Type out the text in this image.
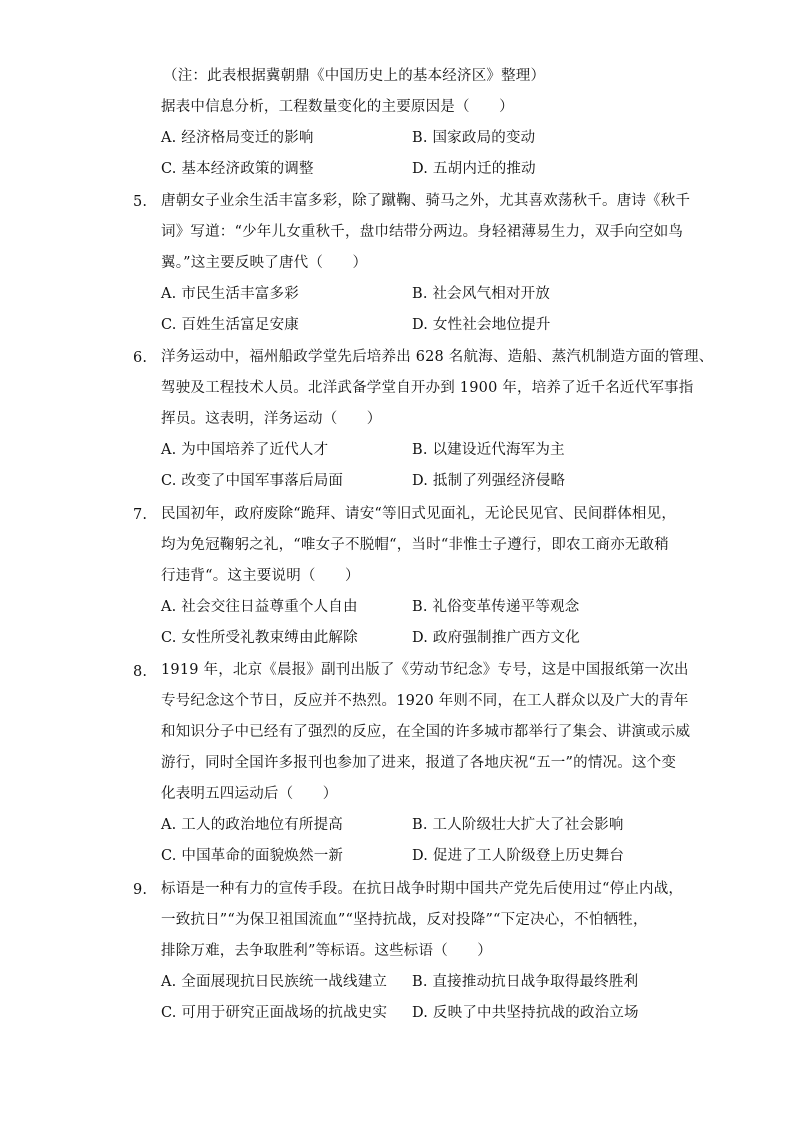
（注：此表根据冀朝鼎《中国历史上的基本经济区》整理）
据表中信息分析，工程数量变化的主要原因是（　　）
A. 经济格局变迁的影响	B. 国家政局的变动
C. 基本经济政策的调整	D. 五胡内迁的推动
5. 唐朝女子业余生活丰富多彩，除了蹴鞠、骑马之外，尤其喜欢荡秋千。唐诗《秋千
词》写道：“少年儿女重秋千，盘巾结带分两边。身轻裙薄易生力，双手向空如鸟
翼。”这主要反映了唐代（　　）
A. 市民生活丰富多彩	B. 社会风气相对开放
C. 百姓生活富足安康	D. 女性社会地位提升
6. 洋务运动中，福州船政学堂先后培养出 628 名航海、造船、蒸汽机制造方面的管理、
驾驶及工程技术人员。北洋武备学堂自开办到 1900 年，培养了近千名近代军事指
挥员。这表明，洋务运动（　　）
A. 为中国培养了近代人才	B. 以建设近代海军为主
C. 改变了中国军事落后局面	D. 抵制了列强经济侵略
7. 民国初年，政府废除“跪拜、请安“等旧式见面礼，无论民见官、民间群体相见，
均为免冠鞠躬之礼，“唯女子不脱帽“，当时“非惟士子遵行，即农工商亦无敢稍
行违背“。这主要说明（　　）
A. 社会交往日益尊重个人自由	B. 礼俗变革传递平等观念
C. 女性所受礼教束缚由此解除	D. 政府强制推广西方文化
8. 1919 年，北京《晨报》副刊出版了《劳动节纪念》专号，这是中国报纸第一次出
专号纪念这个节日，反应并不热烈。1920 年则不同，在工人群众以及广大的青年
和知识分子中已经有了强烈的反应，在全国的许多城市都举行了集会、讲演或示威
游行，同时全国许多报刊也参加了进来，报道了各地庆祝“五一”的情况。这个变
化表明五四运动后（　　）
A. 工人的政治地位有所提高	B. 工人阶级壮大扩大了社会影响
C. 中国革命的面貌焕然一新	D. 促进了工人阶级登上历史舞台
9. 标语是一种有力的宣传手段。在抗日战争时期中国共产党先后使用过“停止内战，
一致抗日”“为保卫祖国流血”“坚持抗战，反对投降”“下定决心，不怕牺牲，
排除万难，去争取胜利”等标语。这些标语（　　）
A. 全面展现抗日民族统一战线建立 B. 直接推动抗日战争取得最终胜利
C. 可用于研究正面战场的抗战史实 D. 反映了中共坚持抗战的政治立场
